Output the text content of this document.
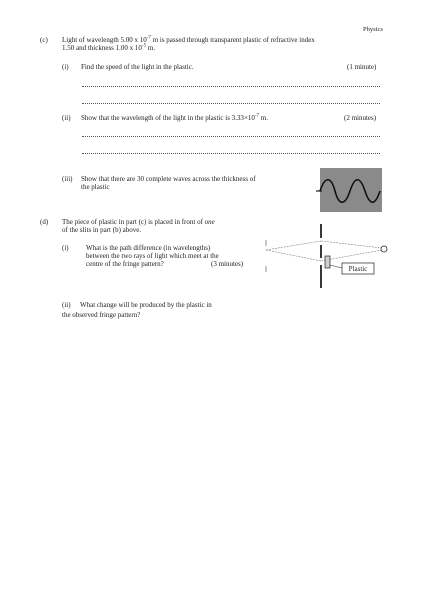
Physics
(c) Light of wavelength 5.00 x $10^{-7}$ m is passed through transparent plastic of refractive index
1.50 and thickness 1.00 x $10^{-5}$ m.
(i) Find the speed of the light in the plastic.	(1 minute)
(ii) Show that the wavelength of the light in the plastic is $3.33\times 10^{-7}$ m.	(2 minutes)
(iii) Show that there are 30 complete waves across the thickness of
the plastic
(d) The piece of plastic in part (c) is placed in front of one
of the slits in part (b) above.
(i) What is the path difference (in wavelengths)
between the two rays of light which meet at the
centre of the fringe pattern?	(3 minutes)
Plastic
(ii) What change will be produced by the plastic in
the observed fringe pattern?
